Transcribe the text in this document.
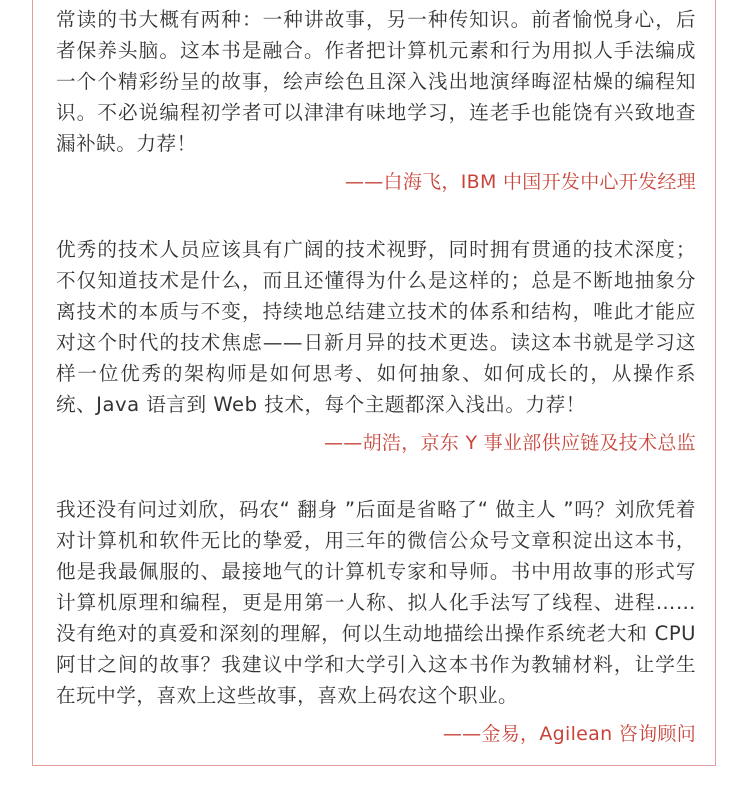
常读的书大概有两种：一种讲故事，另一种传知识。前者愉悦身心，后者保养头脑。这本书是融合。作者把计算机元素和行为用拟人手法编成一个个精彩纷呈的故事，绘声绘色且深入浅出地演绎晦涩枯燥的编程知识。不必说编程初学者可以津津有味地学习，连老手也能饶有兴致地查漏补缺。力荐！

——白海飞，IBM 中国开发中心开发经理

优秀的技术人员应该具有广阔的技术视野，同时拥有贯通的技术深度；不仅知道技术是什么，而且还懂得为什么是这样的；总是不断地抽象分离技术的本质与不变，持续地总结建立技术的体系和结构，唯此才能应对这个时代的技术焦虑——日新月异的技术更迭。读这本书就是学习这样一位优秀的架构师是如何思考、如何抽象、如何成长的，从操作系统、Java 语言到 Web 技术，每个主题都深入浅出。力荐！

——胡浩，京东 Y 事业部供应链及技术总监

我还没有问过刘欣，码农“ 翻身 ”后面是省略了“ 做主人 ”吗？刘欣凭着对计算机和软件无比的挚爱，用三年的微信公众号文章积淀出这本书，他是我最佩服的、最接地气的计算机专家和导师。书中用故事的形式写计算机原理和编程，更是用第一人称、拟人化手法写了线程、进程……没有绝对的真爱和深刻的理解，何以生动地描绘出操作系统老大和 CPU 阿甘之间的故事？我建议中学和大学引入这本书作为教辅材料，让学生在玩中学，喜欢上这些故事，喜欢上码农这个职业。

——金易，Agilean 咨询顾问
